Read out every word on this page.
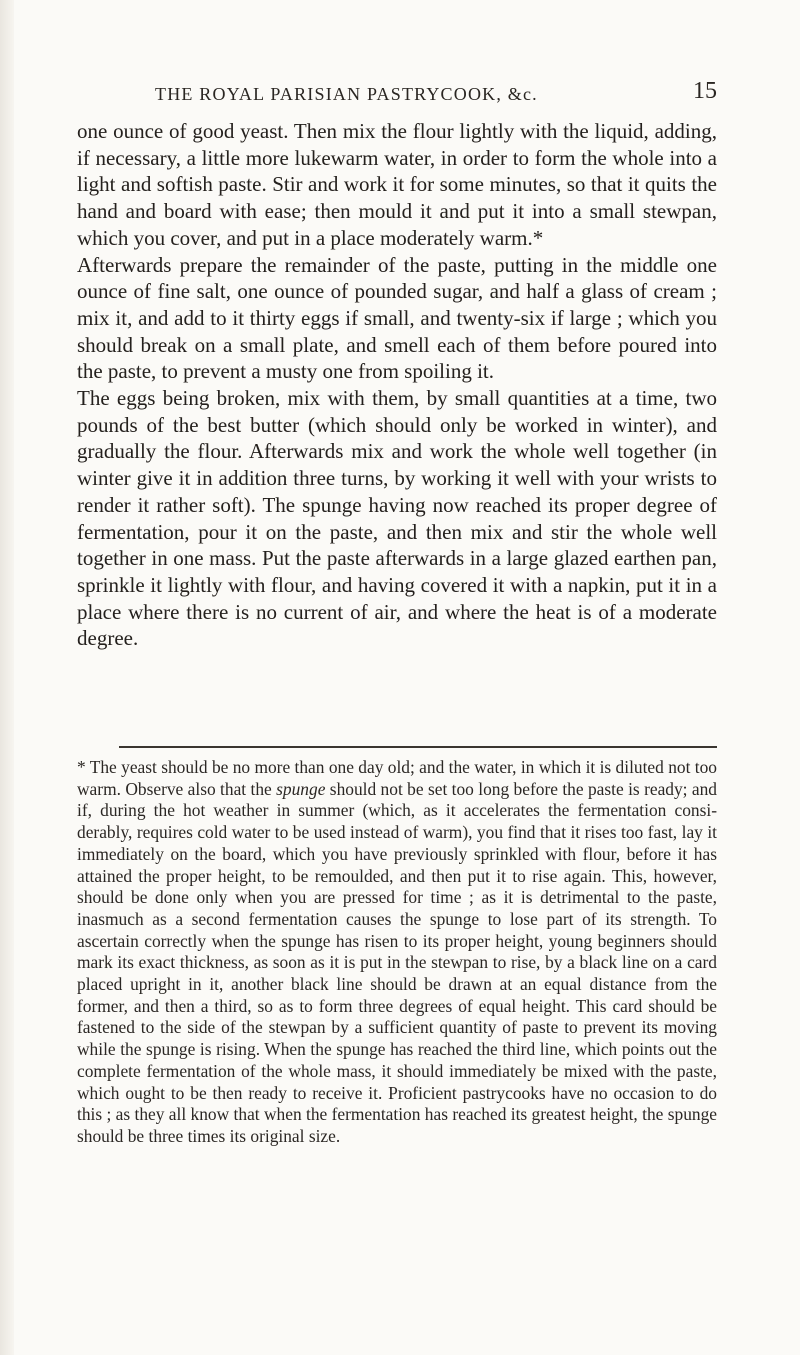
THE ROYAL PARISIAN PASTRYCOOK, &c.	15

one ounce of good yeast. Then mix the flour lightly with the liquid, adding, if necessary, a little more lukewarm water, in order to form the whole into a light and softish paste. Stir and work it for some minutes, so that it quits the hand and board with ease; then mould it and put it into a small stewpan, which you cover, and put in a place moderately warm.*

Afterwards prepare the remainder of the paste, putting in the middle one ounce of fine salt, one ounce of pounded sugar, and half a glass of cream ; mix it, and add to it thirty eggs if small, and twenty-six if large ; which you should break on a small plate, and smell each of them before poured into the paste, to prevent a musty one from spoiling it.

The eggs being broken, mix with them, by small quantities at a time, two pounds of the best butter (which should only be worked in winter), and gradually the flour. Afterwards mix and work the whole well together (in winter give it in addition three turns, by working it well with your wrists to render it rather soft). The spunge having now reached its proper degree of fermentation, pour it on the paste, and then mix and stir the whole well together in one mass. Put the paste afterwards in a large glazed earthen pan, sprinkle it lightly with flour, and having covered it with a napkin, put it in a place where there is no current of air, and where the heat is of a moderate degree.

* The yeast should be no more than one day old; and the water, in which it is diluted not too warm. Observe also that the spunge should not be set too long before the paste is ready; and if, during the hot weather in summer (which, as it accelerates the fermentation considerably, requires cold water to be used instead of warm), you find that it rises too fast, lay it immediately on the board, which you have previously sprinkled with flour, before it has attained the proper height, to be remoulded, and then put it to rise again. This, however, should be done only when you are pressed for time ; as it is detrimental to the paste, inasmuch as a second fermentation causes the spunge to lose part of its strength. To ascertain correctly when the spunge has risen to its proper height, young beginners should mark its exact thickness, as soon as it is put in the stewpan to rise, by a black line on a card placed upright in it, another black line should be drawn at an equal distance from the former, and then a third, so as to form three degrees of equal height. This card should be fastened to the side of the stewpan by a sufficient quantity of paste to prevent its moving while the spunge is rising. When the spunge has reached the third line, which points out the complete fermentation of the whole mass, it should immediately be mixed with the paste, which ought to be then ready to receive it. Proficient pastrycooks have no occasion to do this ; as they all know that when the fermentation has reached its greatest height, the spunge should be three times its original size.
